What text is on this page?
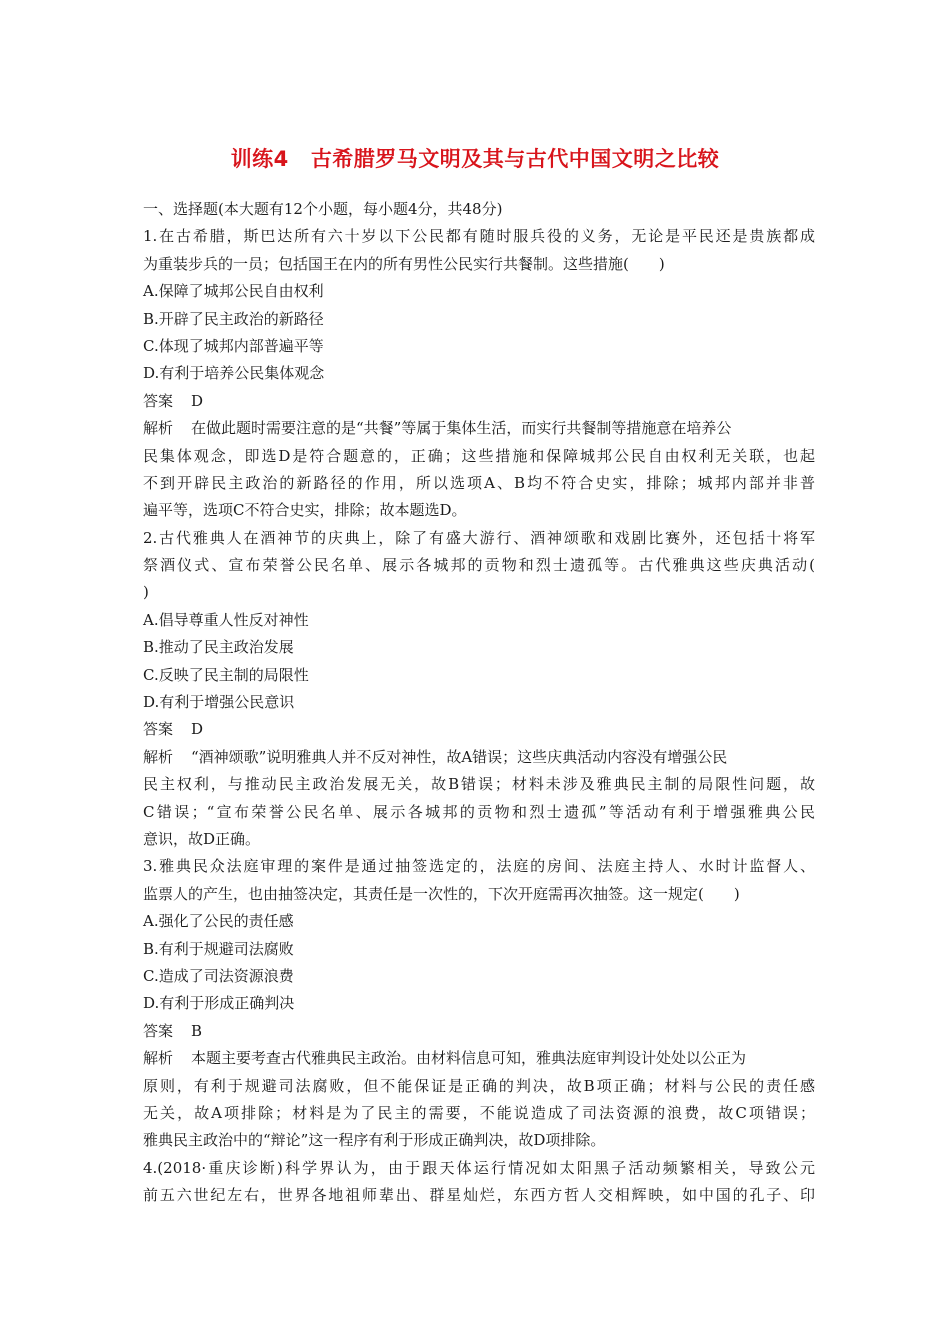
训练4 古希腊罗马文明及其与古代中国文明之比较
一、选择题(本大题有12个小题，每小题4分，共48分)
1.在古希腊，斯巴达所有六十岁以下公民都有随时服兵役的义务，无论是平民还是贵族都成
为重装步兵的一员；包括国王在内的所有男性公民实行共餐制。这些措施(　　)
A.保障了城邦公民自由权利
B.开辟了民主政治的新路径
C.体现了城邦内部普遍平等
D.有利于培养公民集体观念
答案 D
解析 在做此题时需要注意的是“共餐”等属于集体生活，而实行共餐制等措施意在培养公
民集体观念，即选D是符合题意的，正确；这些措施和保障城邦公民自由权利无关联，也起
不到开辟民主政治的新路径的作用，所以选项A、B均不符合史实，排除；城邦内部并非普
遍平等，选项C不符合史实，排除；故本题选D。
2.古代雅典人在酒神节的庆典上，除了有盛大游行、酒神颂歌和戏剧比赛外，还包括十将军
祭酒仪式、宣布荣誉公民名单、展示各城邦的贡物和烈士遗孤等。古代雅典这些庆典活动(
)
A.倡导尊重人性反对神性
B.推动了民主政治发展
C.反映了民主制的局限性
D.有利于增强公民意识
答案 D
解析 “酒神颂歌”说明雅典人并不反对神性，故A错误；这些庆典活动内容没有增强公民
民主权利，与推动民主政治发展无关，故B错误；材料未涉及雅典民主制的局限性问题，故
C错误；“宣布荣誉公民名单、展示各城邦的贡物和烈士遗孤”等活动有利于增强雅典公民
意识，故D正确。
3.雅典民众法庭审理的案件是通过抽签选定的，法庭的房间、法庭主持人、水时计监督人、
监票人的产生，也由抽签决定，其责任是一次性的，下次开庭需再次抽签。这一规定(　　)
A.强化了公民的责任感
B.有利于规避司法腐败
C.造成了司法资源浪费
D.有利于形成正确判决
答案 B
解析 本题主要考查古代雅典民主政治。由材料信息可知，雅典法庭审判设计处处以公正为
原则，有利于规避司法腐败，但不能保证是正确的判决，故B项正确；材料与公民的责任感
无关，故A项排除；材料是为了民主的需要，不能说造成了司法资源的浪费，故C项错误；
雅典民主政治中的“辩论”这一程序有利于形成正确判决，故D项排除。
4.(2018·重庆诊断)科学界认为，由于跟天体运行情况如太阳黑子活动频繁相关，导致公元
前五六世纪左右，世界各地祖师辈出、群星灿烂，东西方哲人交相辉映，如中国的孔子、印
